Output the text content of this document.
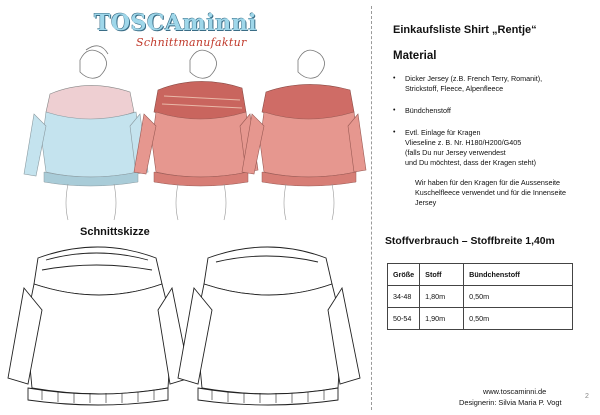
TOSCAminni
Schnittmanufaktur
Schnittskizze
Einkaufsliste Shirt „Rentje“
Material
• Dicker Jersey (z.B. French Terry, Romanit),
Strickstoff, Fleece, Alpenfleece
• Bündchenstoff
• Evtl. Einlage für Kragen
Vlieseline z. B. Nr. H180/H200/G405
(falls Du nur Jersey verwendest
und Du möchtest, dass der Kragen steht)
Wir haben für den Kragen für die Aussenseite
Kuschelfleece verwendet und für die Innenseite
Jersey
Stoffverbrauch – Stoffbreite 1,40m
Größe	Stoff	Bündchenstoff
34-48	1,80m	0,50m
50-54	1,90m	0,50m
www.toscaminni.de
Designerin: Silvia Maria P. Vogt
2
